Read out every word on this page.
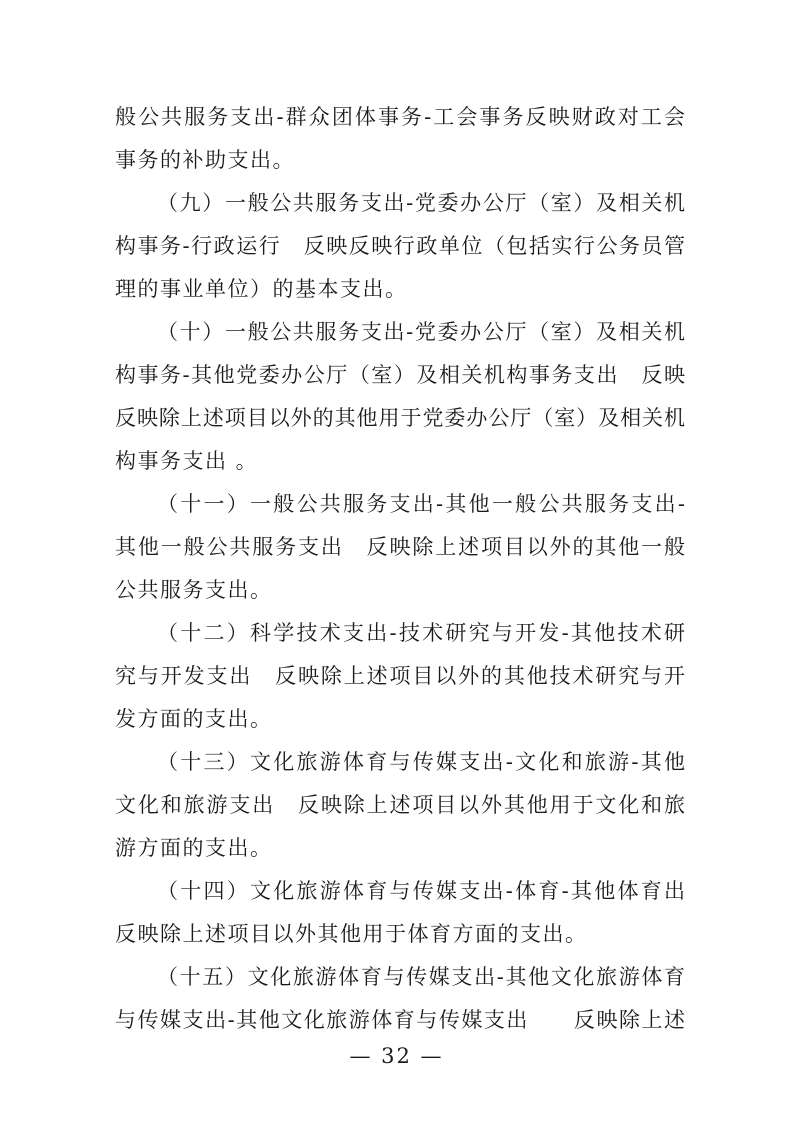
般公共服务支出-群众团体事务-工会事务反映财政对工会
事务的补助支出。
（九）一般公共服务支出-党委办公厅（室）及相关机
构事务-行政运行　反映反映行政单位（包括实行公务员管
理的事业单位）的基本支出。
（十）一般公共服务支出-党委办公厅（室）及相关机
构事务-其他党委办公厅（室）及相关机构事务支出　反映
反映除上述项目以外的其他用于党委办公厅（室）及相关机
构事务支出 。
（十一）一般公共服务支出-其他一般公共服务支出-
其他一般公共服务支出　反映除上述项目以外的其他一般
公共服务支出。
（十二）科学技术支出-技术研究与开发-其他技术研
究与开发支出　反映除上述项目以外的其他技术研究与开
发方面的支出。
（十三）文化旅游体育与传媒支出-文化和旅游-其他
文化和旅游支出　反映除上述项目以外其他用于文化和旅
游方面的支出。
（十四）文化旅游体育与传媒支出-体育-其他体育出
反映除上述项目以外其他用于体育方面的支出。
（十五）文化旅游体育与传媒支出-其他文化旅游体育
与传媒支出-其他文化旅游体育与传媒支出　　反映除上述
— 32 —
